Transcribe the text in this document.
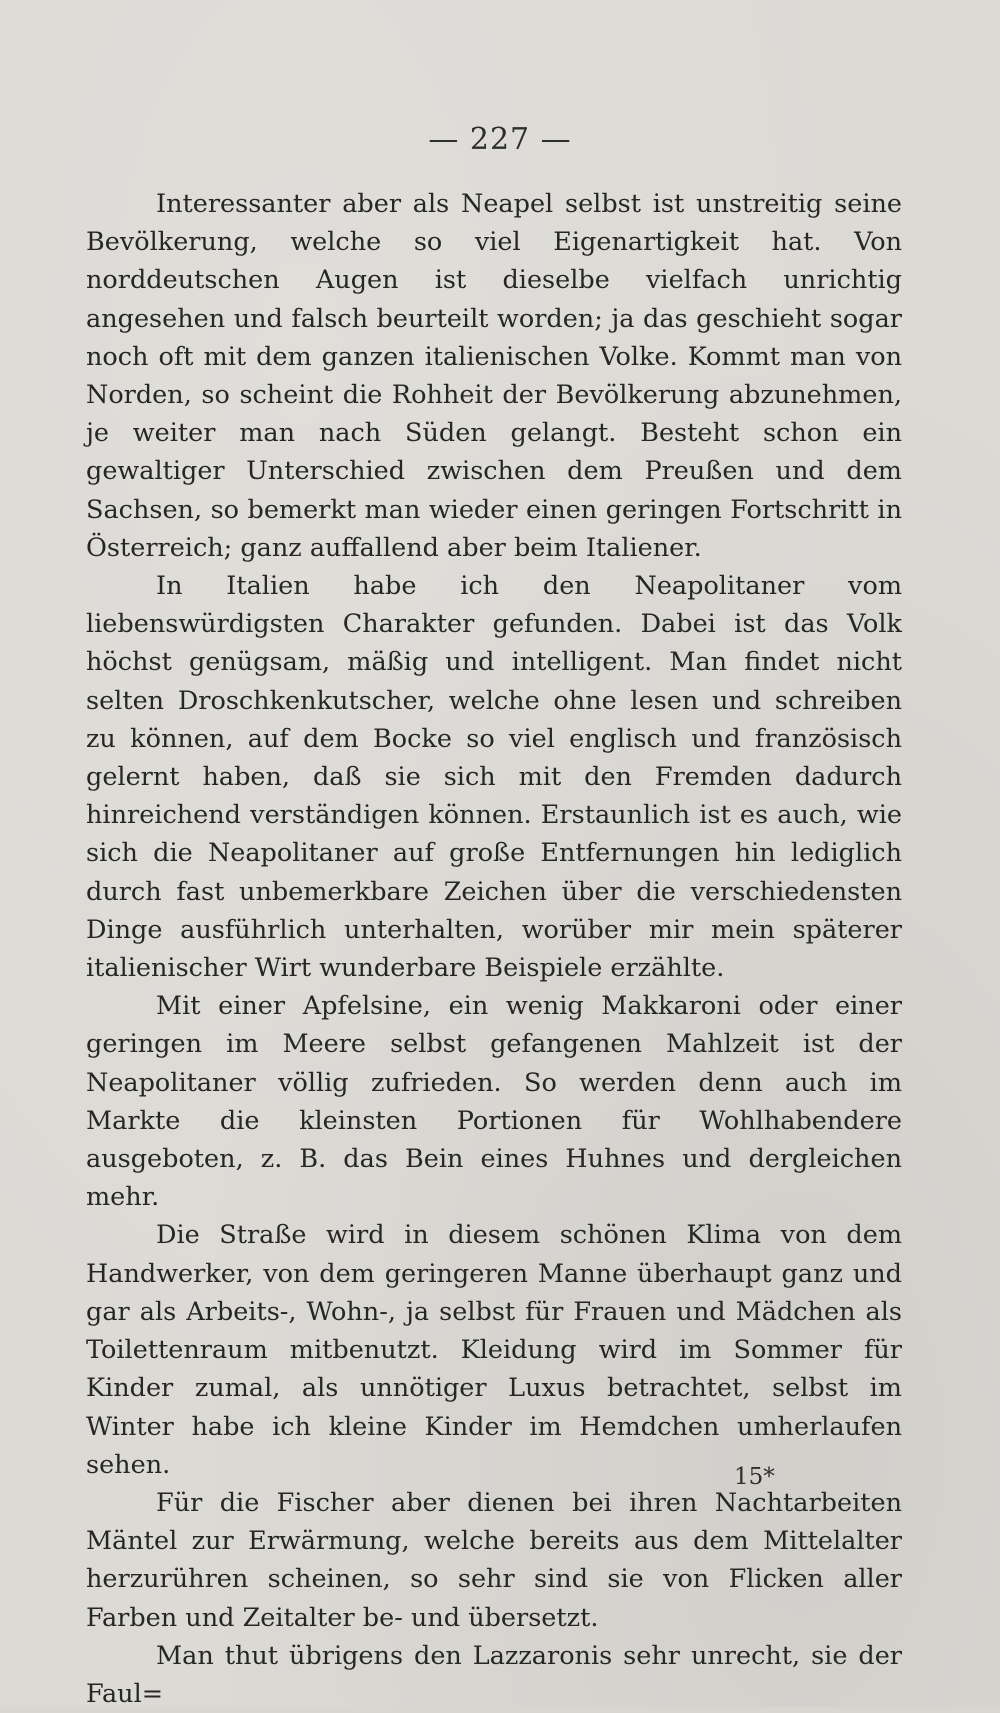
— 227 —

Interessanter aber als Neapel selbst ist unstreitig seine Bevölkerung, welche so viel Eigenartigkeit hat. Von norddeutschen Augen ist dieselbe vielfach unrichtig angesehen und falsch beurteilt worden; ja das geschieht sogar noch oft mit dem ganzen italienischen Volke. Kommt man von Norden, so scheint die Rohheit der Bevölkerung abzunehmen, je weiter man nach Süden gelangt. Besteht schon ein gewaltiger Unterschied zwischen dem Preußen und dem Sachsen, so bemerkt man wieder einen geringen Fortschritt in Österreich; ganz auffallend aber beim Italiener.

In Italien habe ich den Neapolitaner vom liebenswürdigsten Charakter gefunden. Dabei ist das Volk höchst genügsam, mäßig und intelligent. Man findet nicht selten Droschkenkutscher, welche ohne lesen und schreiben zu können, auf dem Bocke so viel englisch und französisch gelernt haben, daß sie sich mit den Fremden dadurch hinreichend verständigen können. Erstaunlich ist es auch, wie sich die Neapolitaner auf große Entfernungen hin lediglich durch fast unbemerkbare Zeichen über die verschiedensten Dinge ausführlich unterhalten, worüber mir mein späterer italienischer Wirt wunderbare Beispiele erzählte.

Mit einer Apfelsine, ein wenig Makkaroni oder einer geringen im Meere selbst gefangenen Mahlzeit ist der Neapolitaner völlig zufrieden. So werden denn auch im Markte die kleinsten Portionen für Wohlhabendere ausgeboten, z. B. das Bein eines Huhnes und dergleichen mehr.

Die Straße wird in diesem schönen Klima von dem Handwerker, von dem geringeren Manne überhaupt ganz und gar als Arbeits-, Wohn-, ja selbst für Frauen und Mädchen als Toilettenraum mitbenutzt. Kleidung wird im Sommer für Kinder zumal, als unnötiger Luxus betrachtet, selbst im Winter habe ich kleine Kinder im Hemdchen umherlaufen sehen.

Für die Fischer aber dienen bei ihren Nachtarbeiten Mäntel zur Erwärmung, welche bereits aus dem Mittelalter herzurühren scheinen, so sehr sind sie von Flicken aller Farben und Zeitalter be- und übersetzt.

Man thut übrigens den Lazzaronis sehr unrecht, sie der Faul=

15*
